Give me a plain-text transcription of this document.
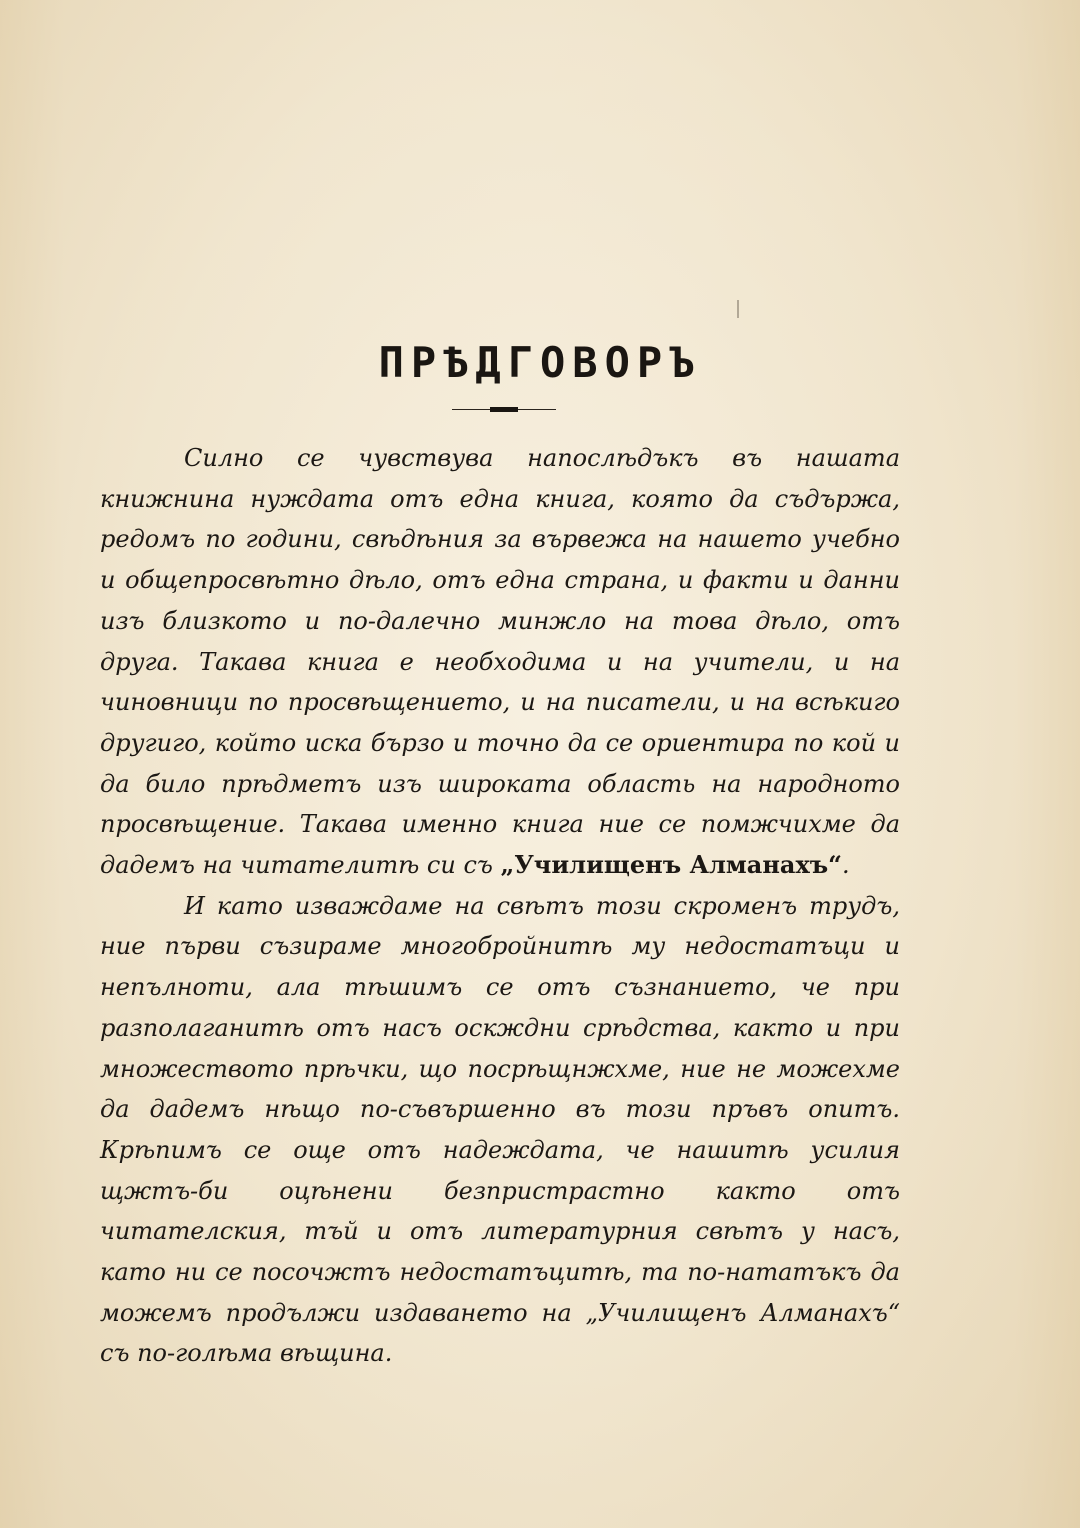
ПРѢДГОВОРЪ

Силно се чувствува напослѣдъкъ въ нашата книжнина нуждата отъ една книга, която да съдържа, редомъ по години, свѣдѣния за вървежа на нашето учебно и общепросвѣтно дѣло, отъ една страна, и факти и данни изъ близкото и по-далечно минжло на това дѣло, отъ друга. Такава книга е необходима и на учители, и на чиновници по просвѣщението, и на писатели, и на всѣкиго другиго, който иска бързо и точно да се ориентира по кой и да било прѣдметъ изъ широката область на народното просвѣщение. Такава именно книга ние се помжчихме да дадемъ на читателитѣ си съ „Училищенъ Алманахъ“.

И като изваждаме на свѣтъ този скроменъ трудъ, ние първи съзираме многобройнитѣ му недостатъци и непълноти, ала тѣшимъ се отъ съзнанието, че при разполаганитѣ отъ насъ оскждни срѣдства, както и при множеството прѣчки, що посрѣщнжхме, ние не можехме да дадемъ нѣщо по-съвършенно въ този пръвъ опитъ. Крѣпимъ се още отъ надеждата, че нашитѣ усилия щжтъ-би оцѣнени безпристрастно както отъ читателския, тъй и отъ литературния свѣтъ у насъ, като ни се посочжтъ недостатъцитѣ, та по-нататъкъ да можемъ продължи издаването на „Училищенъ Алманахъ“ съ по-голѣма вѣщина.
